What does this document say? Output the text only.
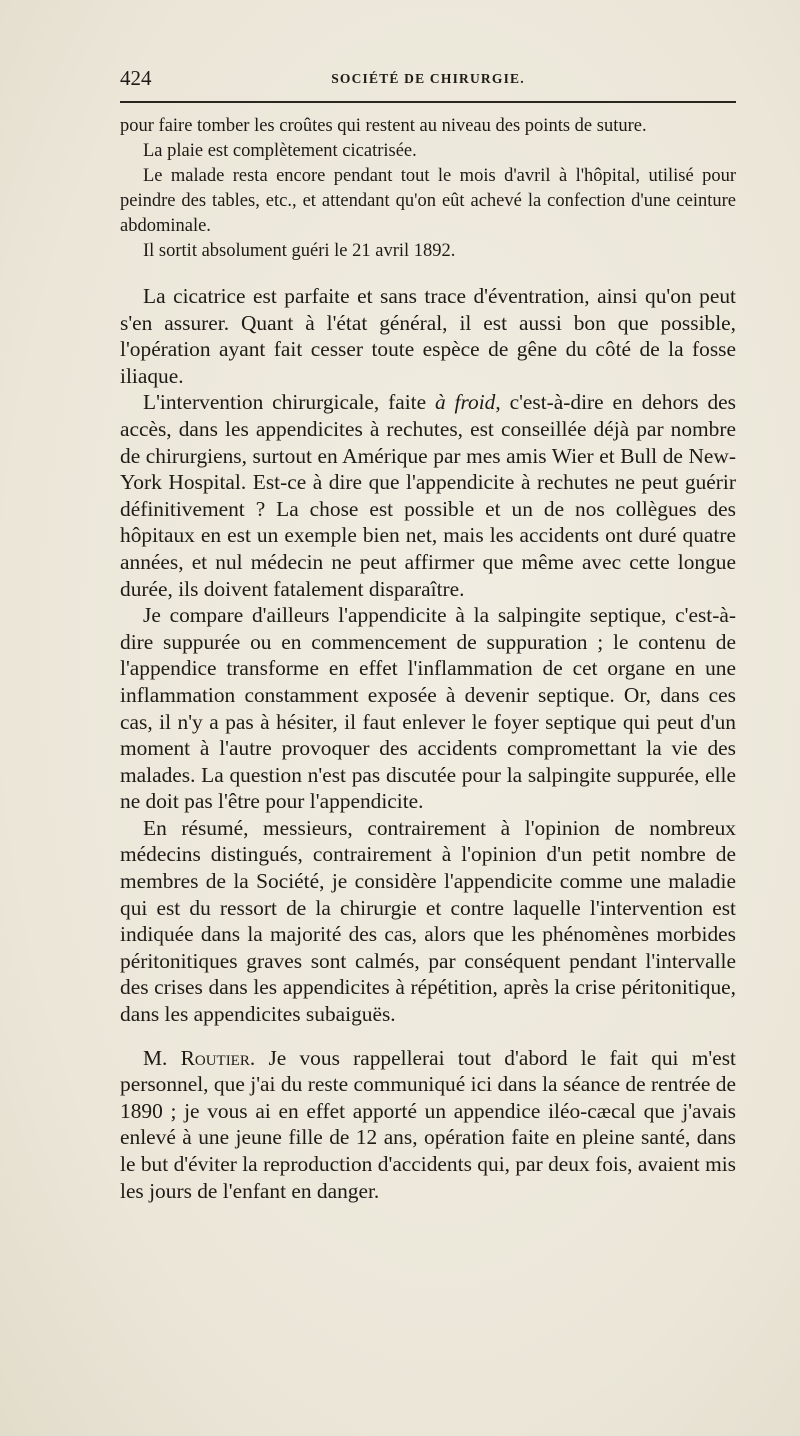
424	SOCIÉTÉ DE CHIRURGIE.

pour faire tomber les croûtes qui restent au niveau des points de suture.

La plaie est complètement cicatrisée.

Le malade resta encore pendant tout le mois d'avril à l'hôpital, utilisé pour peindre des tables, etc., et attendant qu'on eût achevé la confection d'une ceinture abdominale.

Il sortit absolument guéri le 21 avril 1892.

La cicatrice est parfaite et sans trace d'éventration, ainsi qu'on peut s'en assurer. Quant à l'état général, il est aussi bon que possible, l'opération ayant fait cesser toute espèce de gêne du côté de la fosse iliaque.

L'intervention chirurgicale, faite à froid, c'est-à-dire en dehors des accès, dans les appendicites à rechutes, est conseillée déjà par nombre de chirurgiens, surtout en Amérique par mes amis Wier et Bull de New-York Hospital. Est-ce à dire que l'appendicite à rechutes ne peut guérir définitivement ? La chose est possible et un de nos collègues des hôpitaux en est un exemple bien net, mais les accidents ont duré quatre années, et nul médecin ne peut affirmer que même avec cette longue durée, ils doivent fatalement disparaître.

Je compare d'ailleurs l'appendicite à la salpingite septique, c'est-à-dire suppurée ou en commencement de suppuration ; le contenu de l'appendice transforme en effet l'inflammation de cet organe en une inflammation constamment exposée à devenir septique. Or, dans ces cas, il n'y a pas à hésiter, il faut enlever le foyer septique qui peut d'un moment à l'autre provoquer des accidents compromettant la vie des malades. La question n'est pas discutée pour la salpingite suppurée, elle ne doit pas l'être pour l'appendicite.

En résumé, messieurs, contrairement à l'opinion de nombreux médecins distingués, contrairement à l'opinion d'un petit nombre de membres de la Société, je considère l'appendicite comme une maladie qui est du ressort de la chirurgie et contre laquelle l'intervention est indiquée dans la majorité des cas, alors que les phénomènes morbides péritonitiques graves sont calmés, par conséquent pendant l'intervalle des crises dans les appendicites à répétition, après la crise péritonitique, dans les appendicites subaiguës.

M. Routier. Je vous rappellerai tout d'abord le fait qui m'est personnel, que j'ai du reste communiqué ici dans la séance de rentrée de 1890 ; je vous ai en effet apporté un appendice iléo-cæcal que j'avais enlevé à une jeune fille de 12 ans, opération faite en pleine santé, dans le but d'éviter la reproduction d'accidents qui, par deux fois, avaient mis les jours de l'enfant en danger.
